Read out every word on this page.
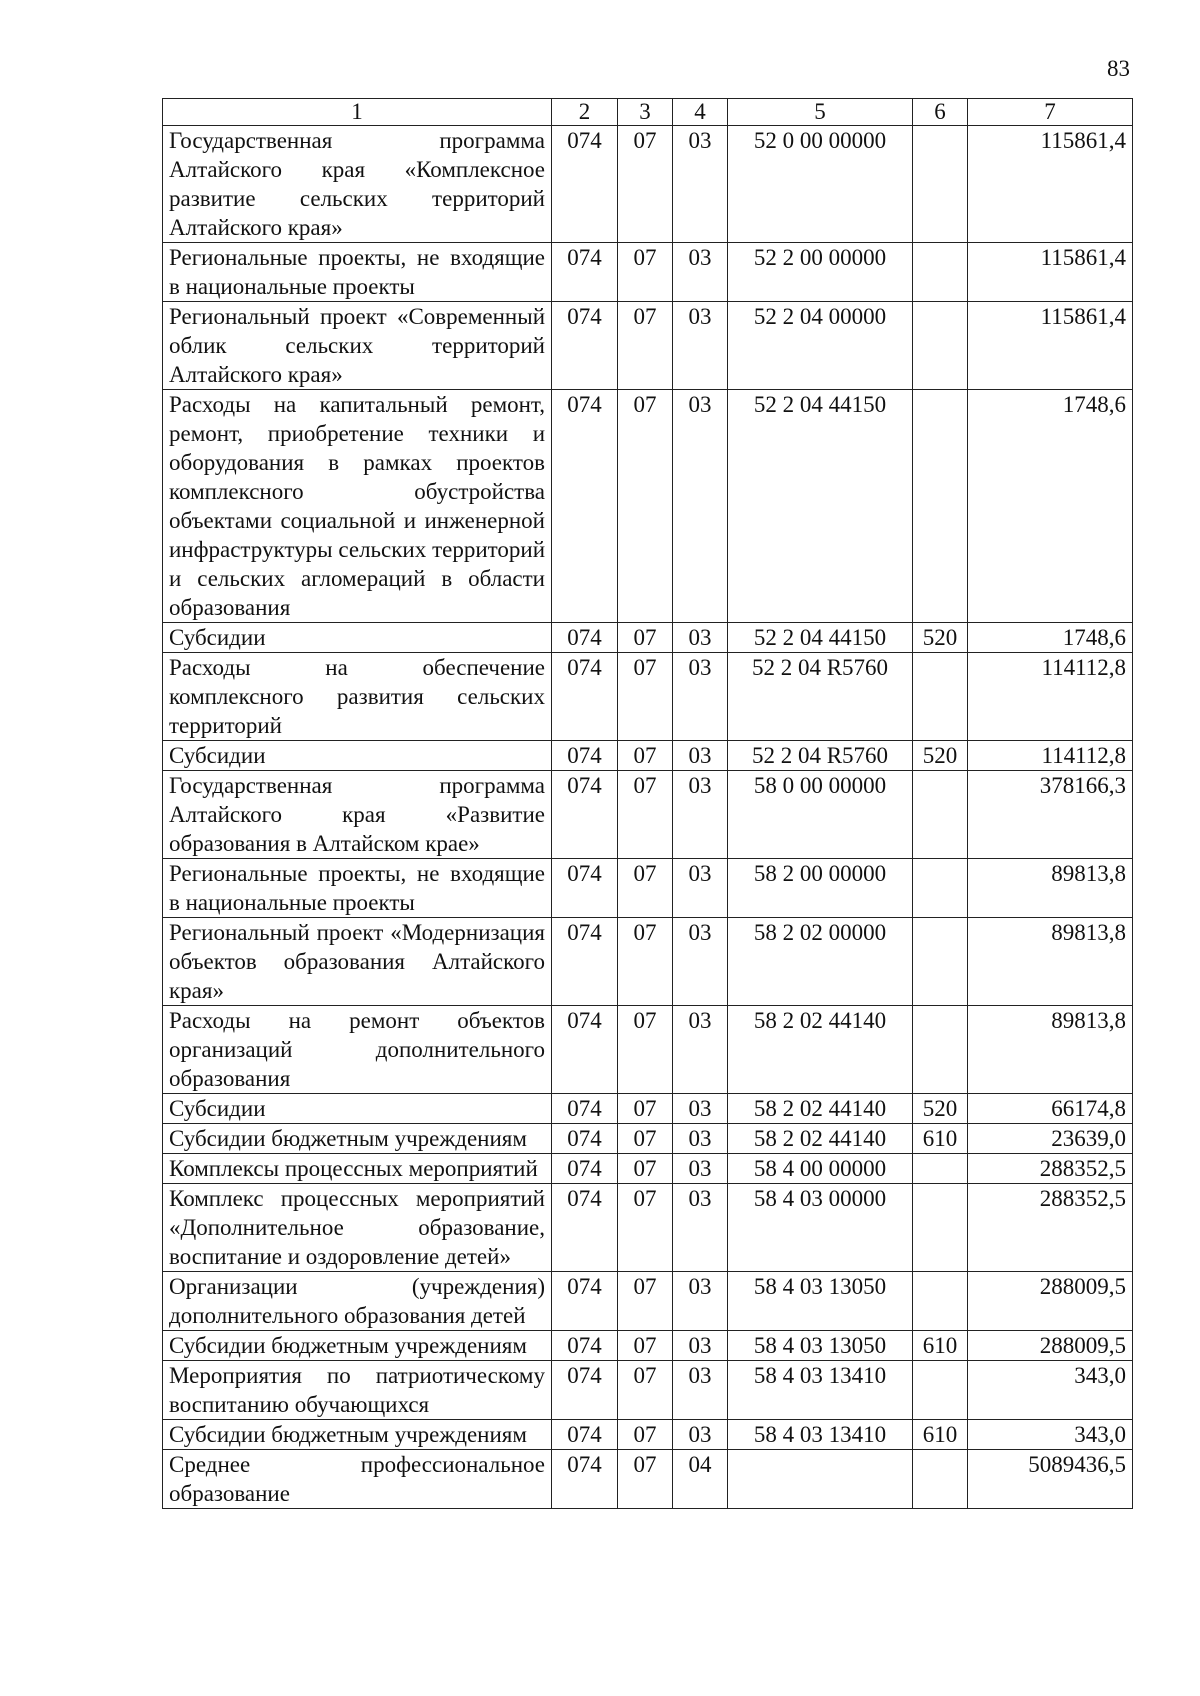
83
1	2	3	4	5	6	7
Государственная программа Алтайского края «Комплексное развитие сельских территорий Алтайского края»	074	07	03	52 0 00 00000		115861,4
Региональные проекты, не входящие в национальные проекты	074	07	03	52 2 00 00000		115861,4
Региональный проект «Современный облик сельских территорий Алтайского края»	074	07	03	52 2 04 00000		115861,4
Расходы на капитальный ремонт, ремонт, приобретение техники и оборудования в рамках проектов комплексного обустройства объектами социальной и инженерной инфраструктуры сельских территорий и сельских агломераций в области образования	074	07	03	52 2 04 44150		1748,6
Субсидии	074	07	03	52 2 04 44150	520	1748,6
Расходы на обеспечение комплексного развития сельских территорий	074	07	03	52 2 04 R5760		114112,8
Субсидии	074	07	03	52 2 04 R5760	520	114112,8
Государственная программа Алтайского края «Развитие образования в Алтайском крае»	074	07	03	58 0 00 00000		378166,3
Региональные проекты, не входящие в национальные проекты	074	07	03	58 2 00 00000		89813,8
Региональный проект «Модернизация объектов образования Алтайского края»	074	07	03	58 2 02 00000		89813,8
Расходы на ремонт объектов организаций дополнительного образования	074	07	03	58 2 02 44140		89813,8
Субсидии	074	07	03	58 2 02 44140	520	66174,8
Субсидии бюджетным учреждениям	074	07	03	58 2 02 44140	610	23639,0
Комплексы процессных мероприятий	074	07	03	58 4 00 00000		288352,5
Комплекс процессных мероприятий «Дополнительное образование, воспитание и оздоровление детей»	074	07	03	58 4 03 00000		288352,5
Организации (учреждения) дополнительного образования детей	074	07	03	58 4 03 13050		288009,5
Субсидии бюджетным учреждениям	074	07	03	58 4 03 13050	610	288009,5
Мероприятия по патриотическому воспитанию обучающихся	074	07	03	58 4 03 13410		343,0
Субсидии бюджетным учреждениям	074	07	03	58 4 03 13410	610	343,0
Среднее профессиональное образование	074	07	04			5089436,5
